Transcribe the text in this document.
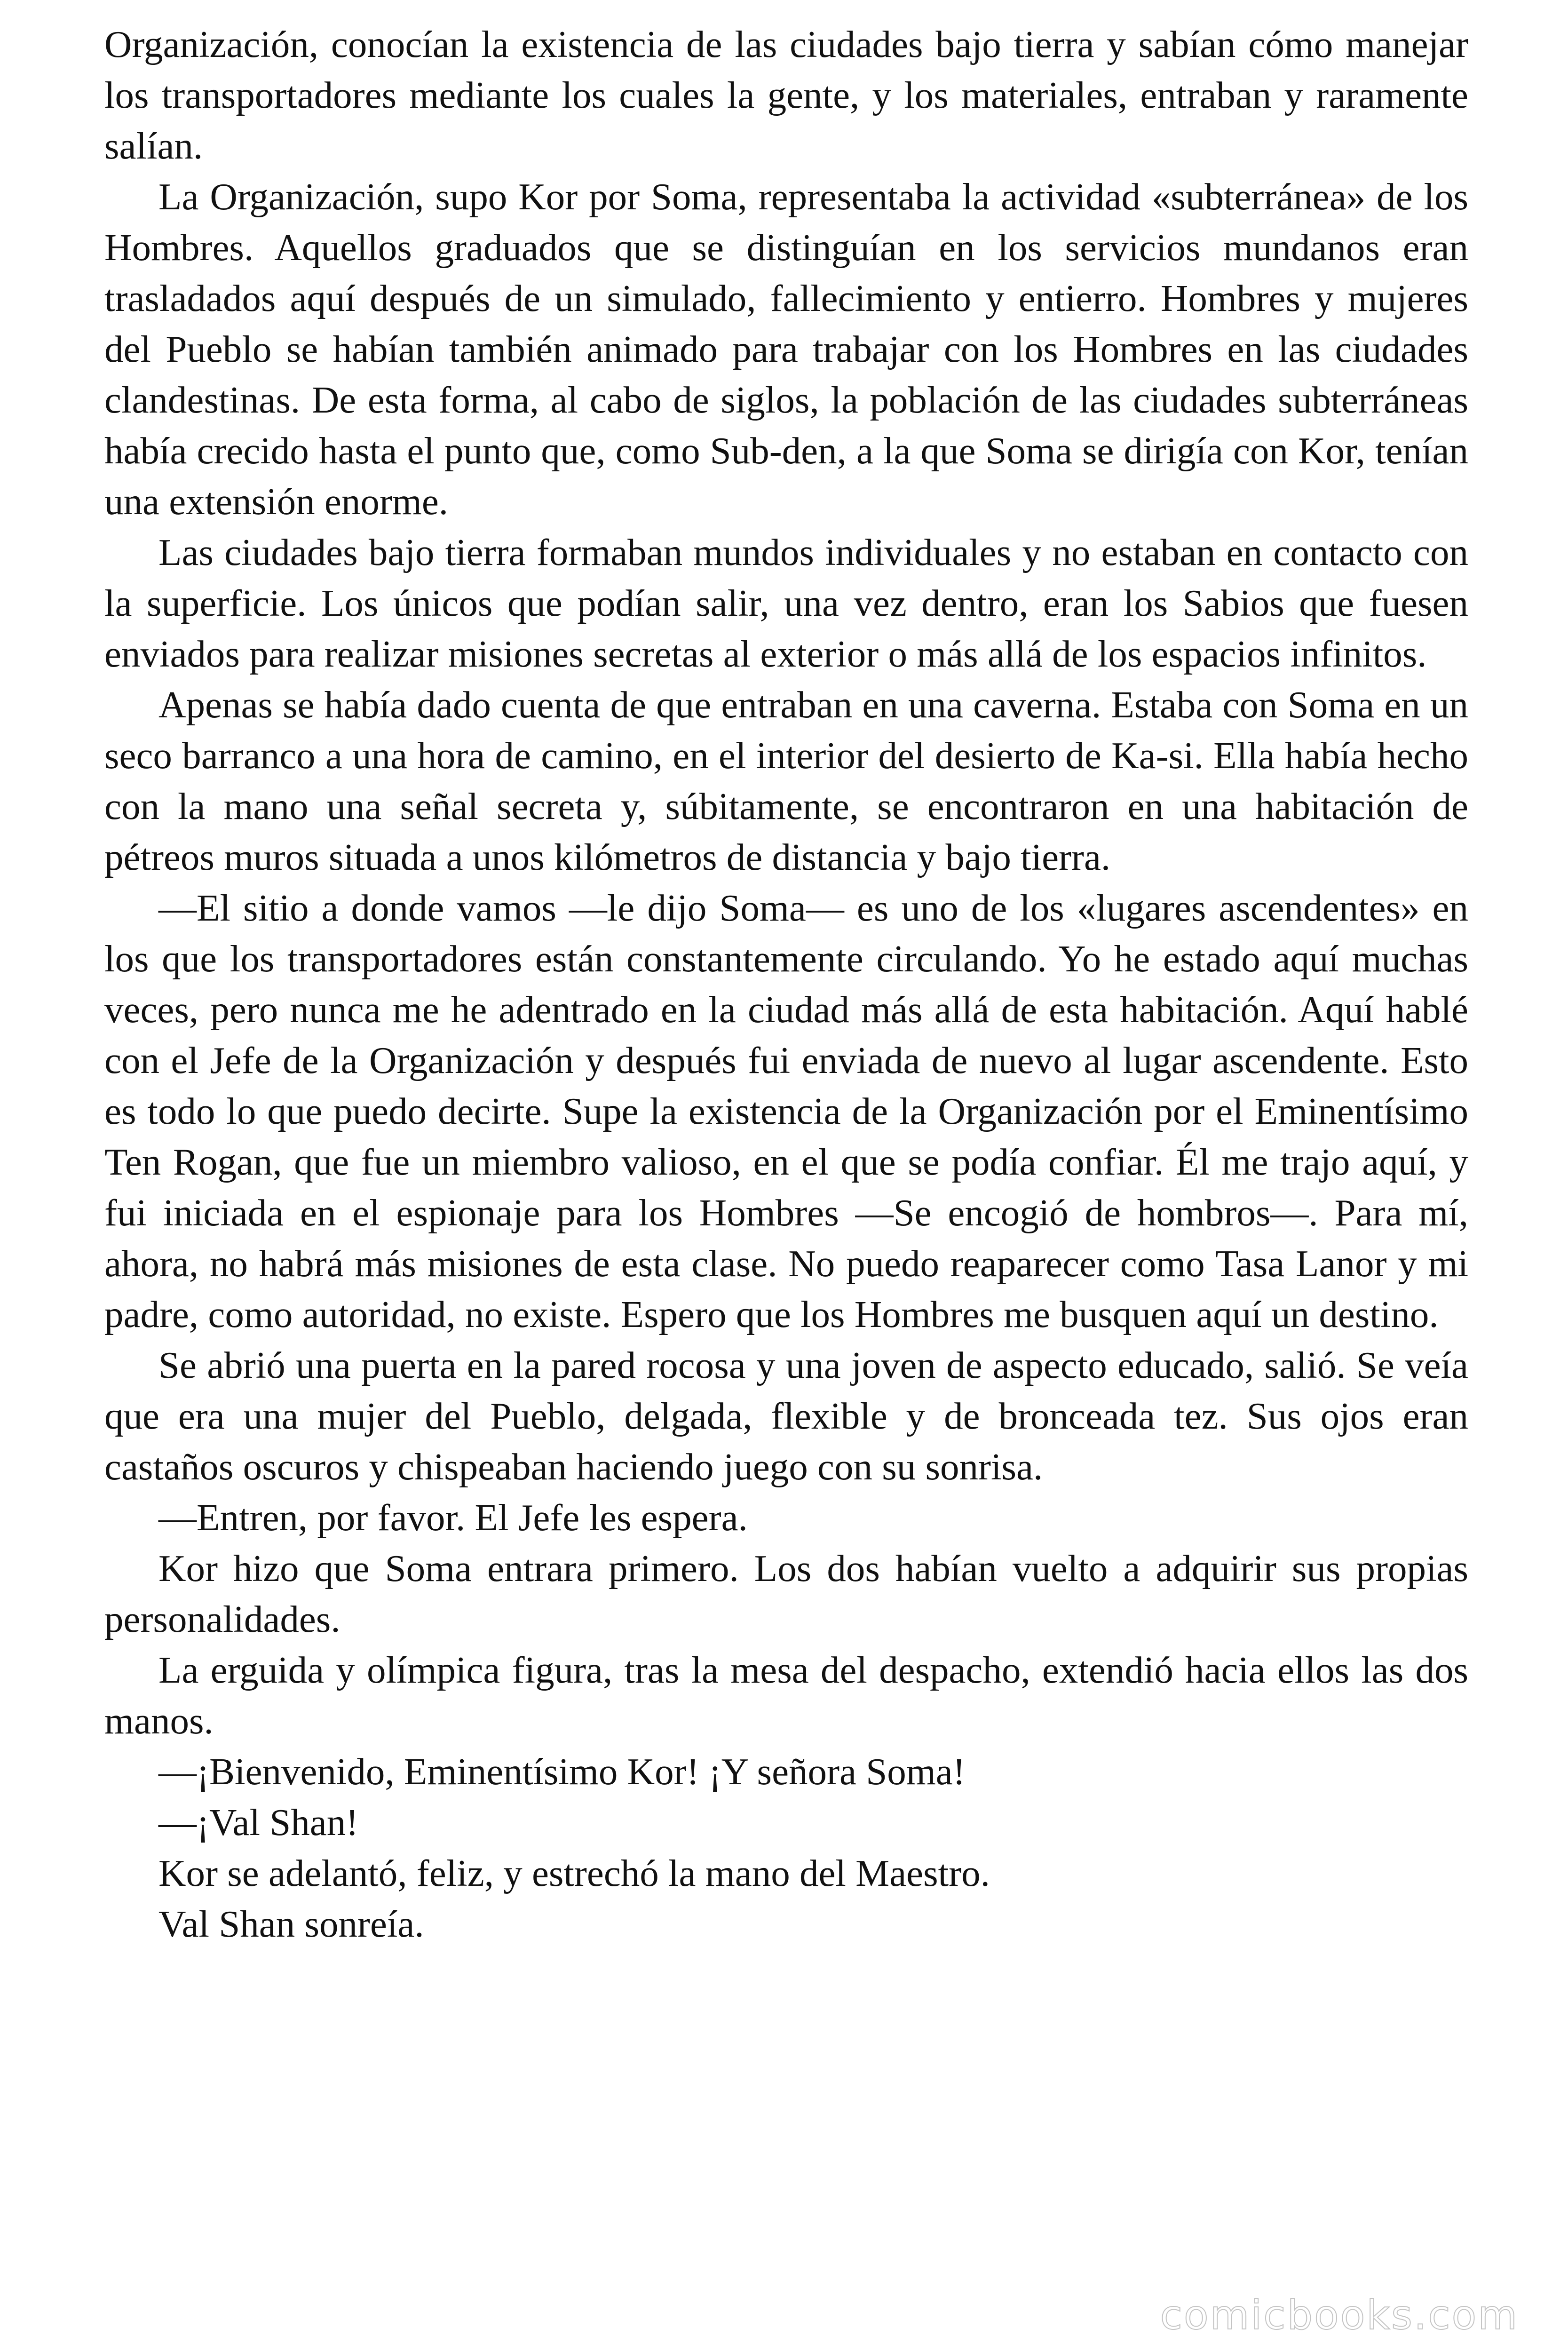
Organización, conocían la existencia de las ciudades bajo tierra y sabían cómo manejar los transportadores mediante los cuales la gente, y los materiales, entraban y raramente salían.

La Organización, supo Kor por Soma, representaba la actividad «subterránea» de los Hombres. Aquellos graduados que se distinguían en los servicios mundanos eran trasladados aquí después de un simulado, fallecimiento y entierro. Hombres y mujeres del Pueblo se habían también animado para trabajar con los Hombres en las ciudades clandestinas. De esta forma, al cabo de siglos, la población de las ciudades subterráneas había crecido hasta el punto que, como Sub-den, a la que Soma se dirigía con Kor, tenían una extensión enorme.

Las ciudades bajo tierra formaban mundos individuales y no estaban en contacto con la superficie. Los únicos que podían salir, una vez dentro, eran los Sabios que fuesen enviados para realizar misiones secretas al exterior o más allá de los espacios infinitos.

Apenas se había dado cuenta de que entraban en una caverna. Estaba con Soma en un seco barranco a una hora de camino, en el interior del desierto de Ka-si. Ella había hecho con la mano una señal secreta y, súbitamente, se encontraron en una habitación de pétreos muros situada a unos kilómetros de distancia y bajo tierra.

—El sitio a donde vamos —le dijo Soma— es uno de los «lugares ascendentes» en los que los transportadores están constantemente circulando. Yo he estado aquí muchas veces, pero nunca me he adentrado en la ciudad más allá de esta habitación. Aquí hablé con el Jefe de la Organización y después fui enviada de nuevo al lugar ascendente. Esto es todo lo que puedo decirte. Supe la existencia de la Organización por el Eminentísimo Ten Rogan, que fue un miembro valioso, en el que se podía confiar. Él me trajo aquí, y fui iniciada en el espionaje para los Hombres —Se encogió de hombros—. Para mí, ahora, no habrá más misiones de esta clase. No puedo reaparecer como Tasa Lanor y mi padre, como autoridad, no existe. Espero que los Hombres me busquen aquí un destino.

Se abrió una puerta en la pared rocosa y una joven de aspecto educado, salió. Se veía que era una mujer del Pueblo, delgada, flexible y de bronceada tez. Sus ojos eran castaños oscuros y chispeaban haciendo juego con su sonrisa.

—Entren, por favor. El Jefe les espera.

Kor hizo que Soma entrara primero. Los dos habían vuelto a adquirir sus propias personalidades.

La erguida y olímpica figura, tras la mesa del despacho, extendió hacia ellos las dos manos.

—¡Bienvenido, Eminentísimo Kor! ¡Y señora Soma!

—¡Val Shan!

Kor se adelantó, feliz, y estrechó la mano del Maestro.

Val Shan sonreía.

comicbooks.com
